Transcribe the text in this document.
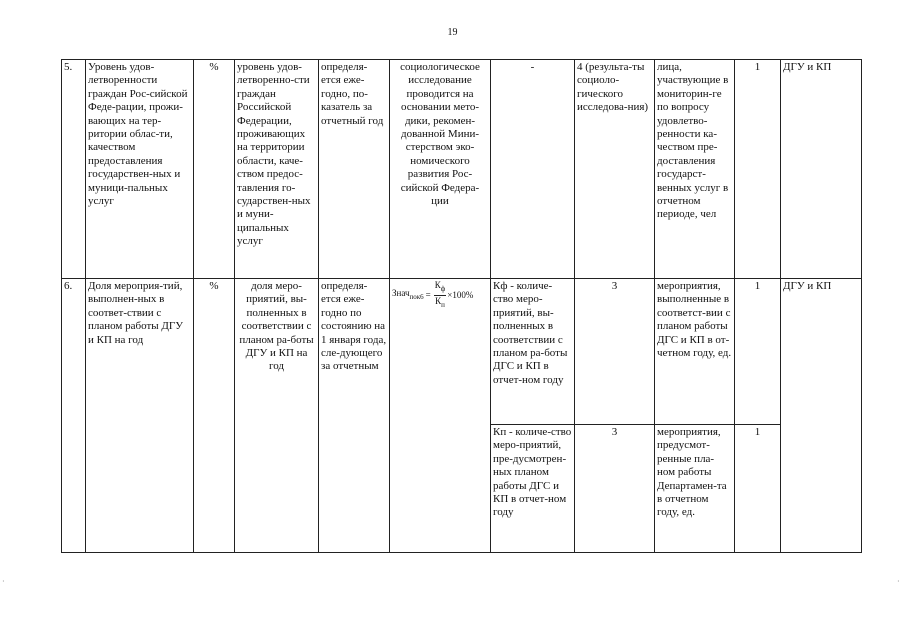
19
5.	Уровень удов-летворенности граждан Рос-сийской Феде-рации, прожи-вающих на тер-ритории облас-ти, качеством предоставления государствен-ных и муници-пальных услуг	%	уровень удов-летворенно-сти граждан Российской Федерации, проживающих на территории области, каче-ством предос-тавления го-сударствен-ных и муни-ципальных услуг	определя-ется еже-годно, по-казатель за отчетный год	социологическое исследование проводится на основании мето-дики, рекомен-дованной Мини-стерством эко-номического развития Рос-сийской Федера-ции	-	4 (результа-ты социоло-гического исследова-ния)	лица, участвующие в мониторин-ге по вопросу удовлетво-ренности ка-чеством пре-доставления государст-венных услуг в отчетном периоде, чел	1	ДГУ и КП
6.	Доля мероприя-тий, выполнен-ных в соответ-ствии с планом работы ДГУ и КП на год	%	доля меро-приятий, вы-полненных в соответствии с планом ра-боты ДГУ и КП на год	определя-ется еже-годно по состоянию на 1 января года, сле-дующего за отчетным	Знач$_{пок6}$ = $\frac{К_ф}{К_п} \times 100\%$	Кф - количе-ство меро-приятий, вы-полненных в соответствии с планом ра-боты ДГС и КП в отчет-ном году	3	мероприятия, выполненные в соответст-вии с планом работы ДГС и КП в от-четном году, ед.	1	ДГУ и КП
						Кп - количе-ство меро-приятий, пре-дусмотрен-ных планом работы ДГС и КП в отчет-ном году	3	мероприятия, предусмот-ренные пла-ном работы Департамен-та в отчетном году, ед.	1	
·	·
